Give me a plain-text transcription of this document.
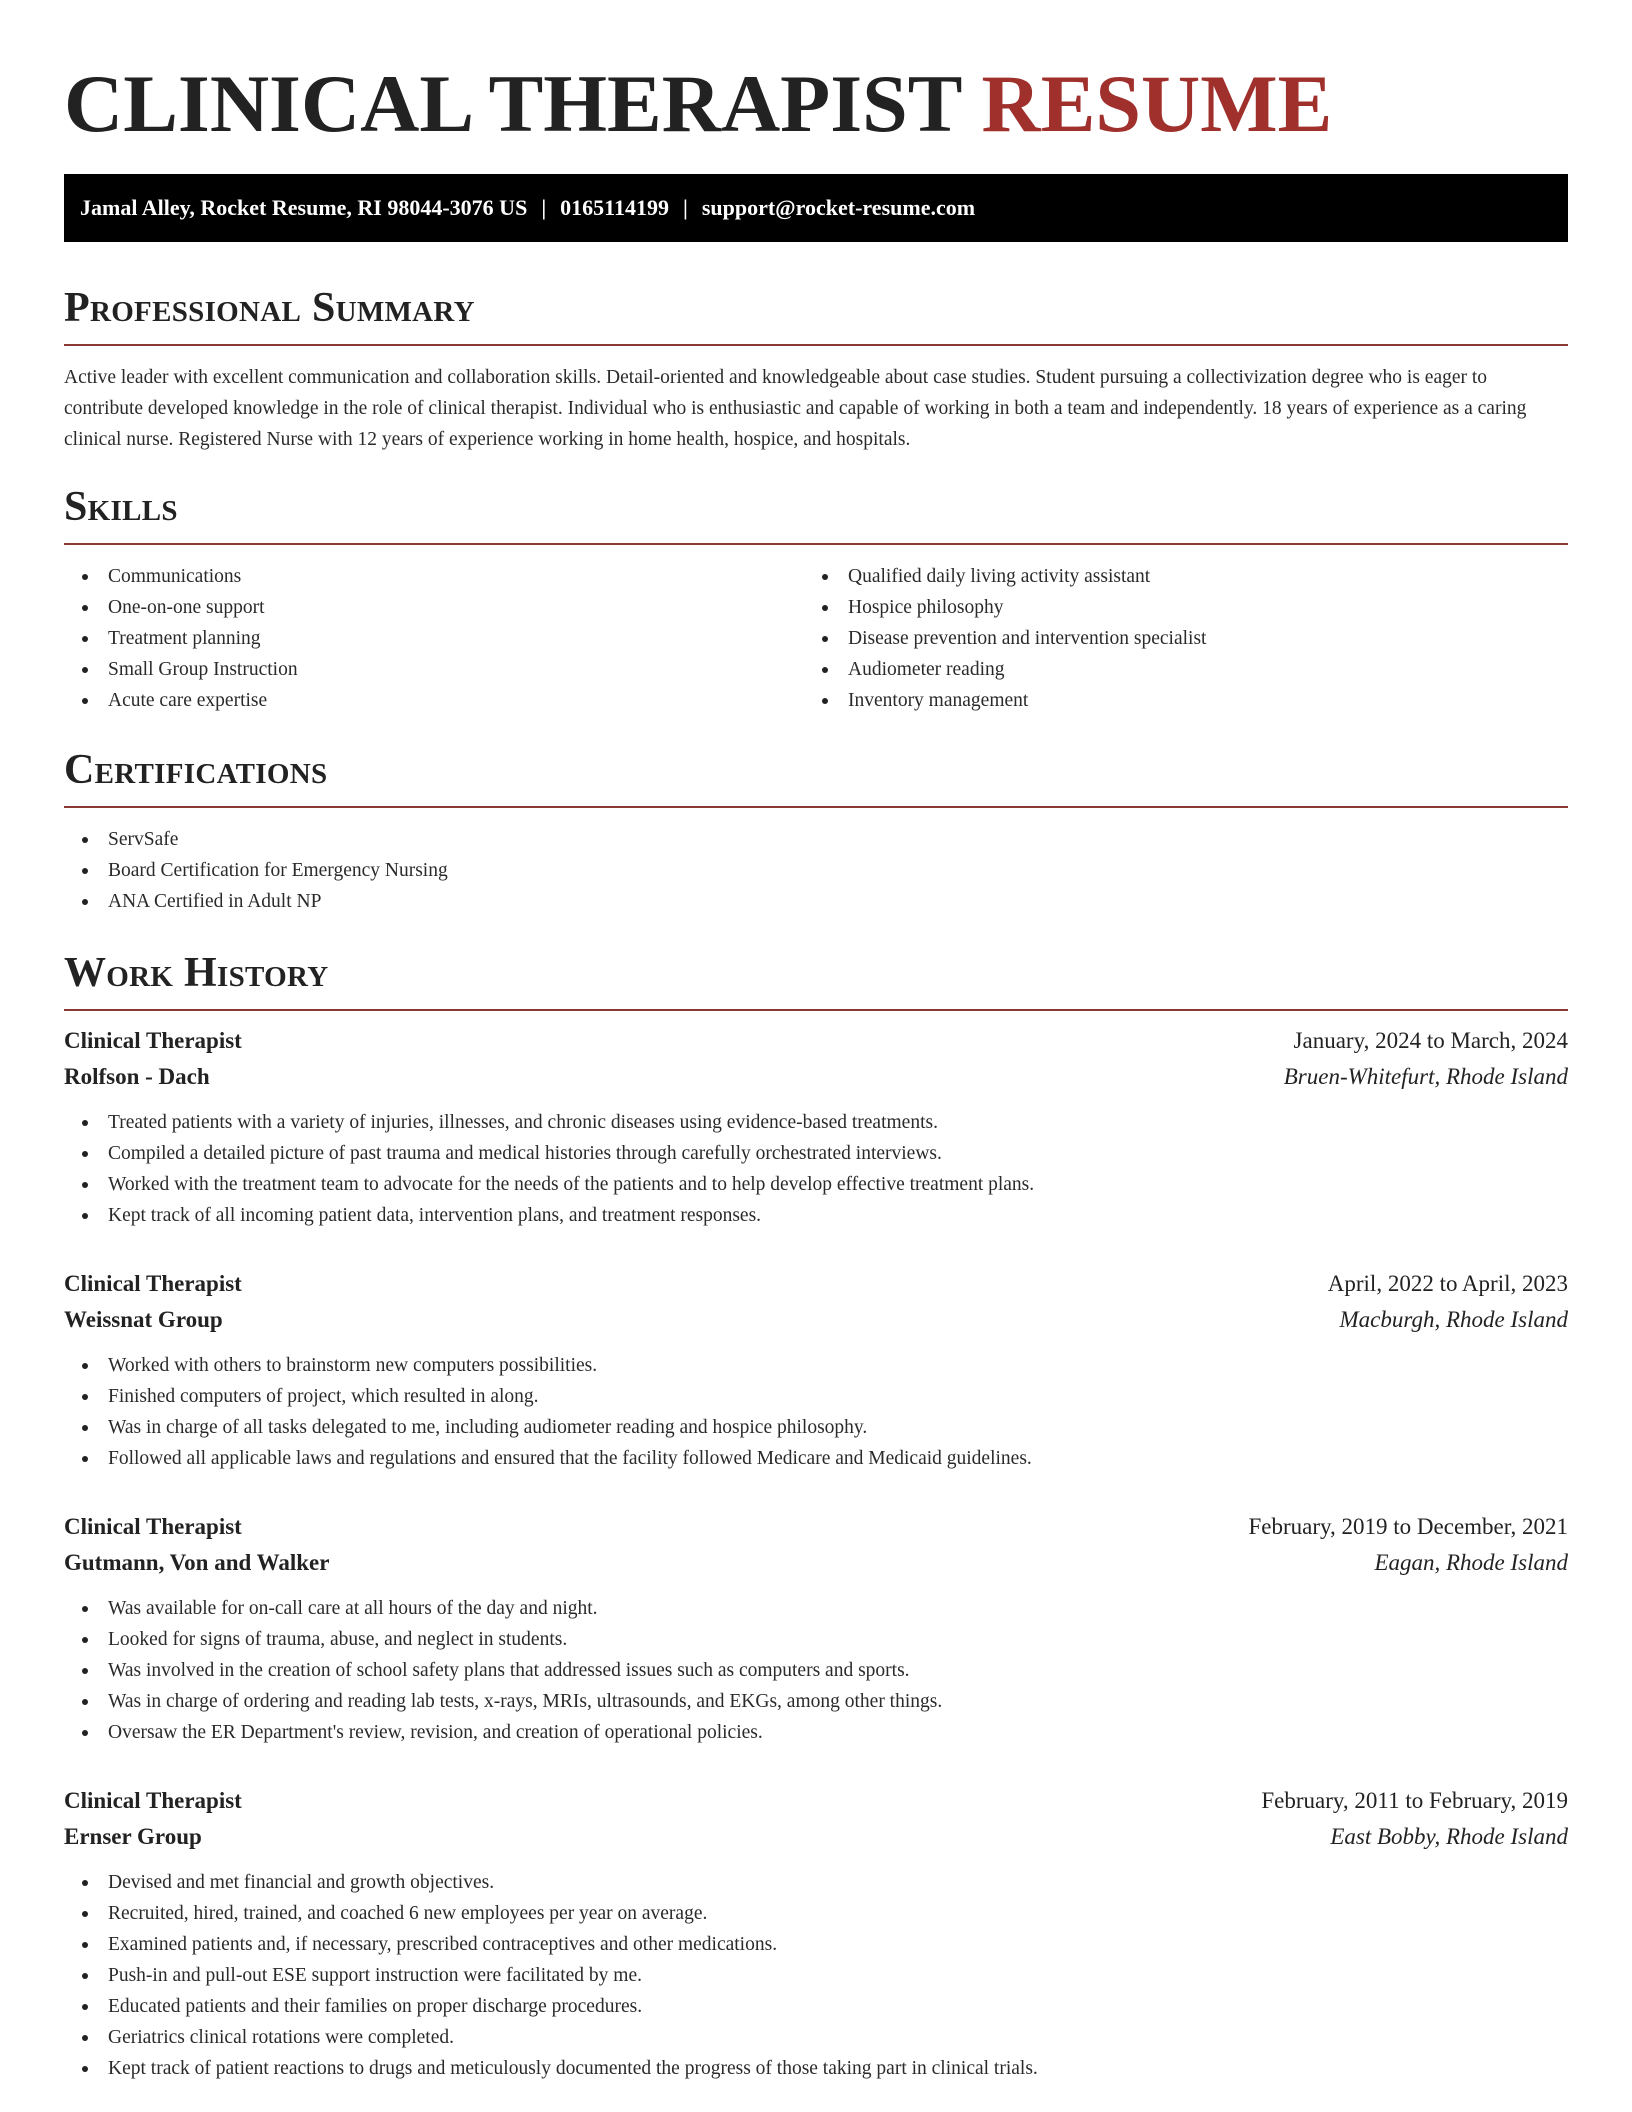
CLINICAL THERAPIST RESUME
Jamal Alley, Rocket Resume, RI 98044-3076 US | 0165114199 | support@rocket-resume.com
Professional Summary

Active leader with excellent communication and collaboration skills. Detail-oriented and knowledgeable about case studies. Student pursuing a collectivization degree who is eager to contribute developed knowledge in the role of clinical therapist. Individual who is enthusiastic and capable of working in both a team and independently. 18 years of experience as a caring clinical nurse. Registered Nurse with 12 years of experience working in home health, hospice, and hospitals.

Skills
Communications
One-on-one support
Treatment planning
Small Group Instruction
Acute care expertise
Qualified daily living activity assistant
Hospice philosophy
Disease prevention and intervention specialist
Audiometer reading
Inventory management
Certifications
ServSafe
Board Certification for Emergency Nursing
ANA Certified in Adult NP
Work History
Clinical Therapist	January, 2024 to March, 2024
Rolfson - Dach	Bruen-Whitefurt, Rhode Island
Treated patients with a variety of injuries, illnesses, and chronic diseases using evidence-based treatments.
Compiled a detailed picture of past trauma and medical histories through carefully orchestrated interviews.
Worked with the treatment team to advocate for the needs of the patients and to help develop effective treatment plans.
Kept track of all incoming patient data, intervention plans, and treatment responses.
Clinical Therapist	April, 2022 to April, 2023
Weissnat Group	Macburgh, Rhode Island
Worked with others to brainstorm new computers possibilities.
Finished computers of project, which resulted in along.
Was in charge of all tasks delegated to me, including audiometer reading and hospice philosophy.
Followed all applicable laws and regulations and ensured that the facility followed Medicare and Medicaid guidelines.
Clinical Therapist	February, 2019 to December, 2021
Gutmann, Von and Walker	Eagan, Rhode Island
Was available for on-call care at all hours of the day and night.
Looked for signs of trauma, abuse, and neglect in students.
Was involved in the creation of school safety plans that addressed issues such as computers and sports.
Was in charge of ordering and reading lab tests, x-rays, MRIs, ultrasounds, and EKGs, among other things.
Oversaw the ER Department's review, revision, and creation of operational policies.
Clinical Therapist	February, 2011 to February, 2019
Ernser Group	East Bobby, Rhode Island
Devised and met financial and growth objectives.
Recruited, hired, trained, and coached 6 new employees per year on average.
Examined patients and, if necessary, prescribed contraceptives and other medications.
Push-in and pull-out ESE support instruction were facilitated by me.
Educated patients and their families on proper discharge procedures.
Geriatrics clinical rotations were completed.
Kept track of patient reactions to drugs and meticulously documented the progress of those taking part in clinical trials.
